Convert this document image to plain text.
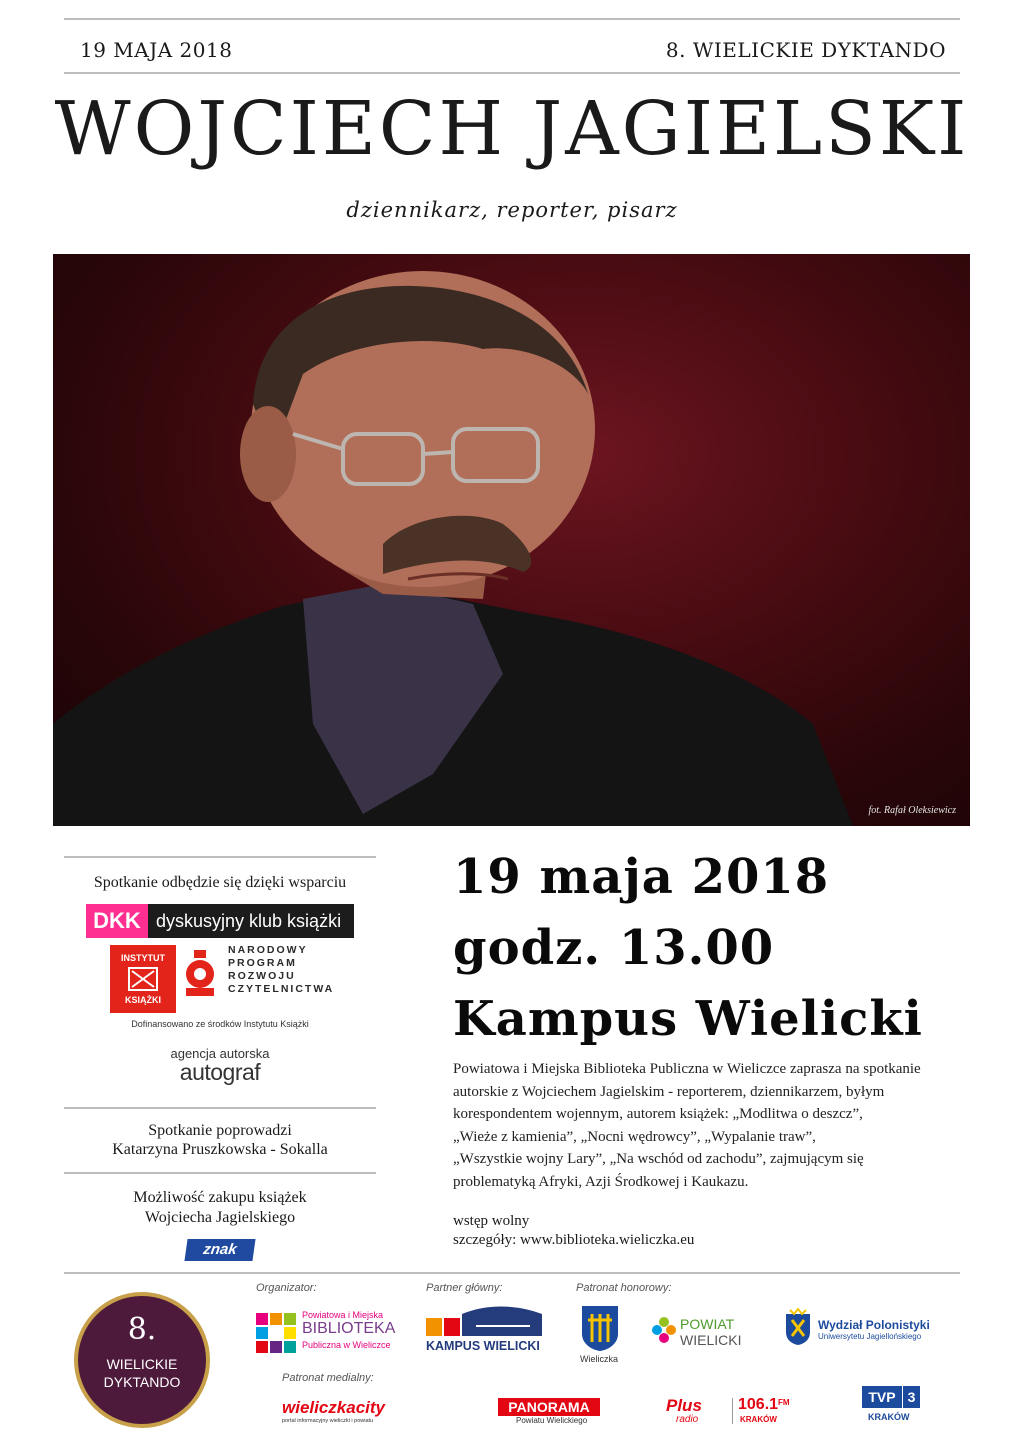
19 MAJA 2018	8. WIELICKIE DYKTANDO
WOJCIECH JAGIELSKI
dziennikarz, reporter, pisarz
fot. Rafał Oleksiewicz
Spotkanie odbędzie się dzięki wsparciu
DKK dyskusyjny klub książki
INSTYTUT
KSIĄŻKI
NARODOWY
PROGRAM
ROZWOJU
CZYTELNICTWA
Dofinansowano ze środków Instytutu Książki
agencja autorska
autograf
Spotkanie poprowadzi
Katarzyna Pruszkowska - Sokalla
Możliwość zakupu książek
Wojciecha Jagielskiego
znak
19 maja 2018
godz. 13.00
Kampus Wielicki
Powiatowa i Miejska Biblioteka Publiczna w Wieliczce zaprasza na spotkanie
autorskie z Wojciechem Jagielskim - reporterem, dziennikarzem, byłym
korespondentem wojennym, autorem książek: „Modlitwa o deszcz”,
„Wieże z kamienia”, „Nocni wędrowcy”, „Wypalanie traw”,
„Wszystkie wojny Lary”, „Na wschód od zachodu”, zajmującym się
problematyką Afryki, Azji Środkowej i Kaukazu.
wstęp wolny
szczegóły: www.biblioteka.wieliczka.eu
8.
WIELICKIE
DYKTANDO
Organizator:	Partner główny:	Patronat honorowy:
Patronat medialny:
Powiatowa i Miejska
BIBLIOTEKA
Publiczna w Wieliczce	KAMPUS WIELICKI
Wieliczka
POWIAT
WIELICKI
Wydział Polonistyki
Uniwersytetu Jagiellońskiego
wieliczkacity
portal informacyjny wieliczki i powiatu
PANORAMA
Powiatu Wielickiego
Plus
radio
106.1 FM
KRAKÓW
TVP 3
KRAKÓW
